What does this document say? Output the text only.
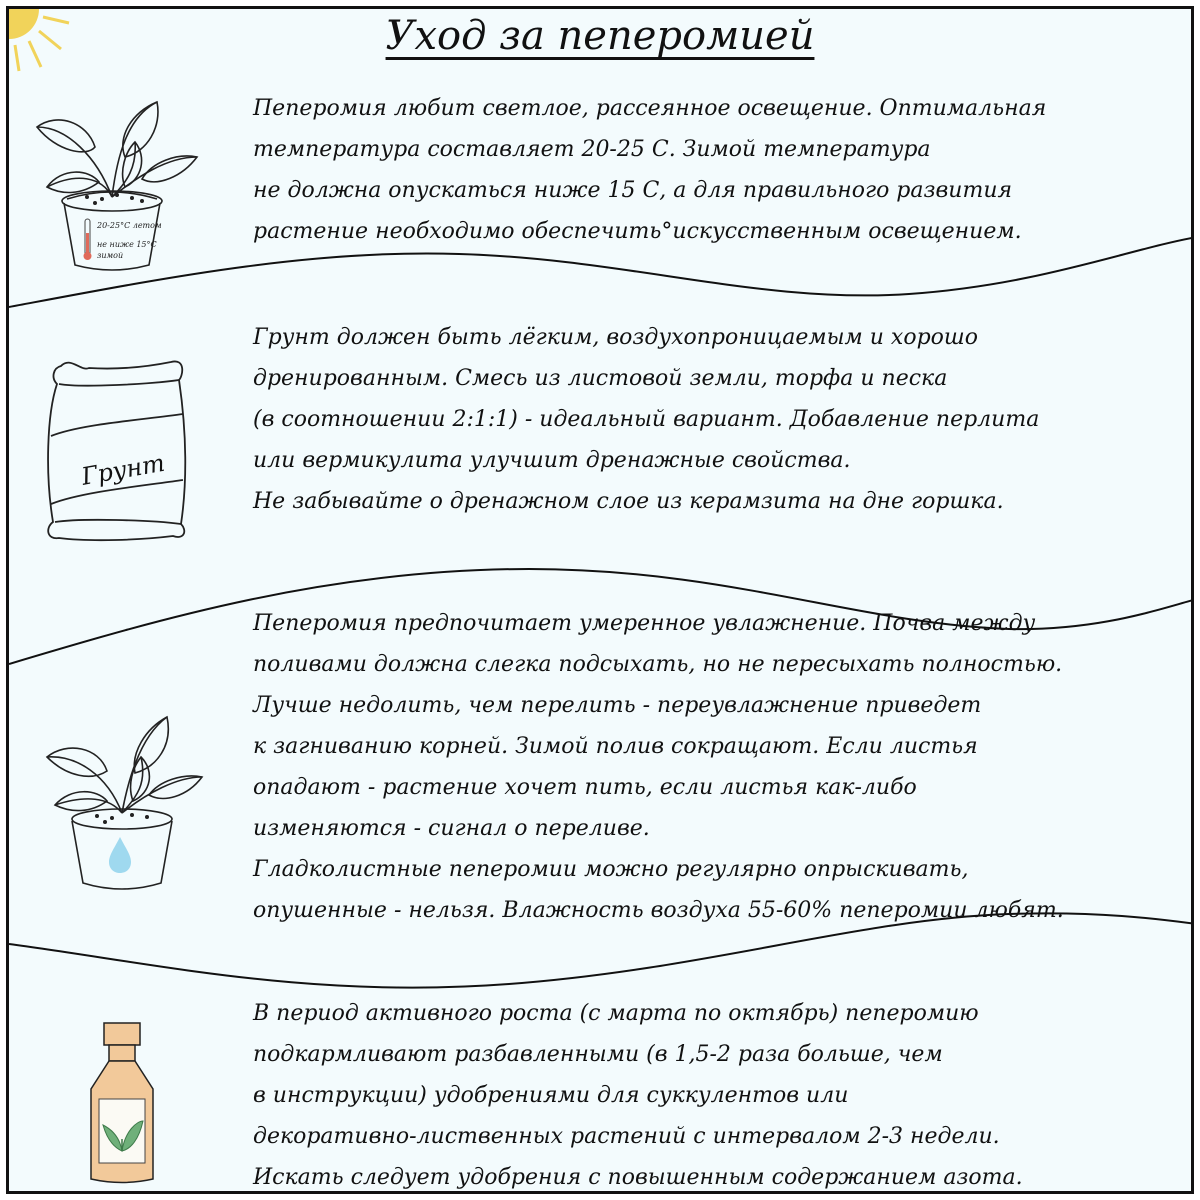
Уход за пеперомией
20-25°С летом
не ниже 15°С
зимой

Пеперомия любит светлое, рассеянное освещение. Оптимальная

температура составляет 20-25 С. Зимой температура

не должна опускаться ниже 15 С, а для правильного развития

растение необходимо обеспечить°искусственным освещением.

Грунт

Грунт должен быть лёгким, воздухопроницаемым и хорошо

дренированным. Смесь из листовой земли, торфа и песка

(в соотношении 2:1:1) - идеальный вариант. Добавление перлита

или вермикулита улучшит дренажные свойства.

Не забывайте о дренажном слое из керамзита на дне горшка.

Пеперомия предпочитает умеренное увлажнение. Почва между

поливами должна слегка подсыхать, но не пересыхать полностью.

Лучше недолить, чем перелить - переувлажнение приведет

к загниванию корней. Зимой полив сокращают. Если листья

опадают - растение хочет пить, если листья как-либо

изменяются - сигнал о переливе.

Гладколистные пеперомии можно регулярно опрыскивать,

опушенные - нельзя. Влажность воздуха 55-60% пеперомии любят.

В период активного роста (с марта по октябрь) пеперомию

подкармливают разбавленными (в 1,5-2 раза больше, чем

в инструкции) удобрениями для суккулентов или

декоративно-лиственных растений с интервалом 2-3 недели.

Искать следует удобрения с повышенным содержанием азота.
